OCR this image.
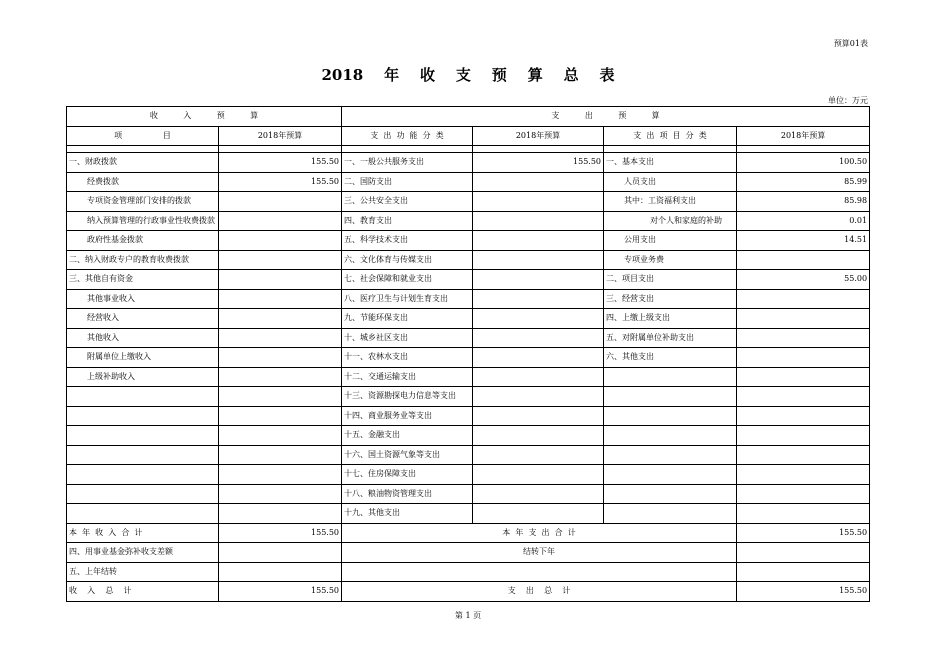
预算01表
2018    年    收    支    预    算    总    表
单位：万元
收          入          预          算		支          出          预          算			
项                目	2018年预算	支  出  功  能  分  类	2018年预算	支  出  项  目  分  类	2018年预算

一、财政拨款	155.50	一、一般公共服务支出	155.50	一、基本支出	100.50
经费拨款	155.50	二、国防支出		人员支出	85.99
专项资金管理部门安排的拨款		三、公共安全支出		其中：工资福利支出	85.98
纳入预算管理的行政事业性收费拨款		四、教育支出		对个人和家庭的补助	0.01
政府性基金拨款		五、科学技术支出		公用支出	14.51
二、纳入财政专户的教育收费拨款		六、文化体育与传媒支出		专项业务费	
三、其他自有资金		七、社会保障和就业支出		二、项目支出	55.00
其他事业收入		八、医疗卫生与计划生育支出		三、经营支出	
经营收入		九、节能环保支出		四、上缴上级支出	
其他收入		十、城乡社区支出		五、对附属单位补助支出	
附属单位上缴收入		十一、农林水支出		六、其他支出	
上级补助收入		十二、交通运输支出			
		十三、资源勘探电力信息等支出			
		十四、商业服务业等支出			
		十五、金融支出			
		十六、国土资源气象等支出			
		十七、住房保障支出			
		十八、粮油物资管理支出			
		十九、其他支出			
本  年  收  入  合  计	155.50	本  年  支  出  合  计			155.50
四、用事业基金弥补收支差额		结转下年			
五、上年结转					
收    入    总    计	155.50	支    出    总    计			155.50
第 1 页
